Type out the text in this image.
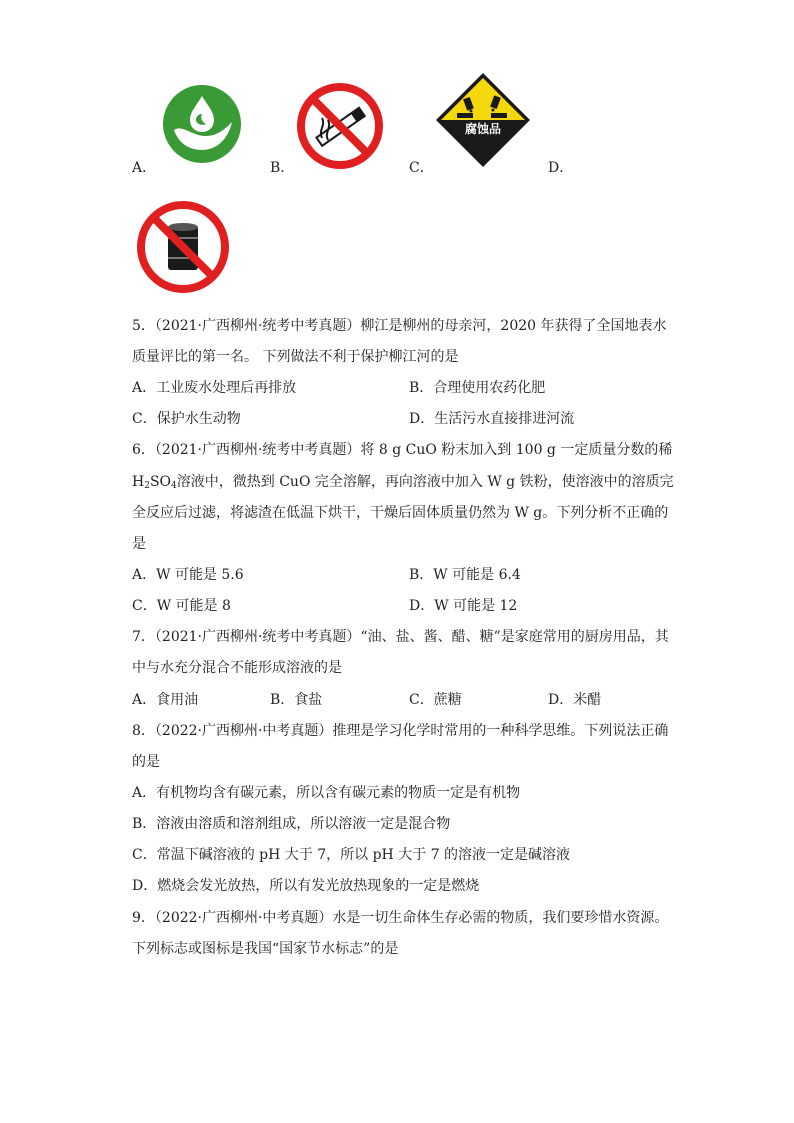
A．	B．	C．
腐蚀品
D．
5．（2021·广西柳州·统考中考真题）柳江是柳州的母亲河，2020 年获得了全国地表水
质量评比的第一名。 下列做法不利于保护柳江河的是
A．工业废水处理后再排放	B．合理使用农药化肥
C．保护水生动物	D．生活污水直接排进河流
6．（2021·广西柳州·统考中考真题）将 8 g CuO 粉末加入到 100 g 一定质量分数的稀
$H_2SO_4$溶液中，微热到 CuO 完全溶解，再向溶液中加入 W g 铁粉，使溶液中的溶质完
全反应后过滤，将滤渣在低温下烘干，干燥后固体质量仍然为 W g。下列分析不正确的
是
A．W 可能是 5.6	B．W 可能是 6.4
C．W 可能是 8	D．W 可能是 12
7．（2021·广西柳州·统考中考真题）“油、盐、酱、醋、糖”是家庭常用的厨房用品，其
中与水充分混合不能形成溶液的是
A．食用油	B．食盐	C．蔗糖	D．米醋
8．（2022·广西柳州·中考真题）推理是学习化学时常用的一种科学思维。下列说法正确
的是
A．有机物均含有碳元素，所以含有碳元素的物质一定是有机物
B．溶液由溶质和溶剂组成，所以溶液一定是混合物
C．常温下碱溶液的 pH 大于 7，所以 pH 大于 7 的溶液一定是碱溶液
D．燃烧会发光放热，所以有发光放热现象的一定是燃烧
9．（2022·广西柳州·中考真题）水是一切生命体生存必需的物质，我们要珍惜水资源。
下列标志或图标是我国“国家节水标志”的是
